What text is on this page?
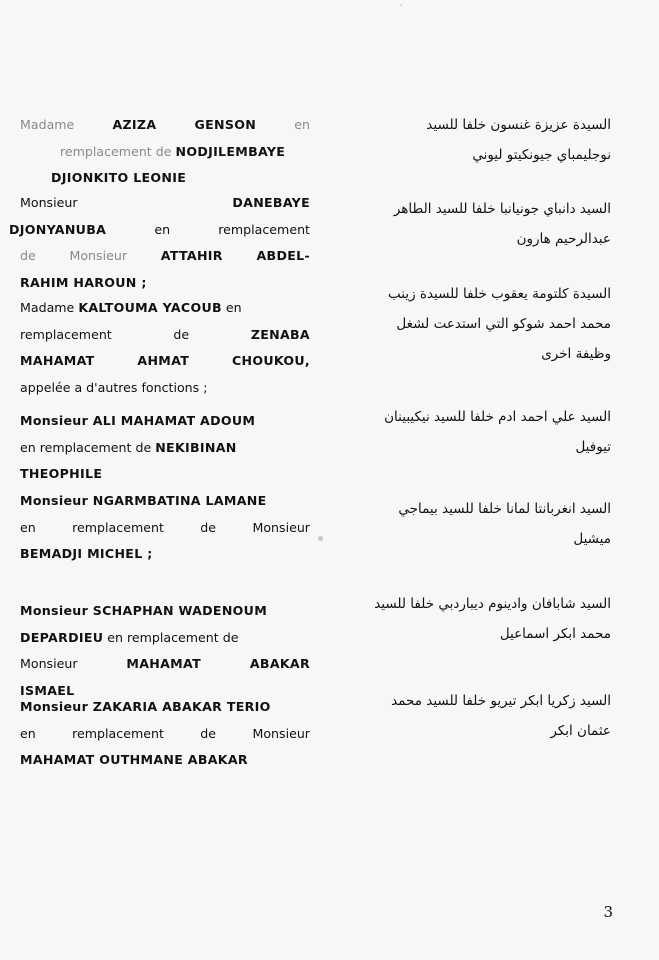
Madame	AZIZA	GENSON	en
remplacement de NODJILEMBAYE
DJIONKITO LEONIE
Monsieur	DANEBAYE
DJONYANUBA	en	remplacement
de	Monsieur	ATTAHIR	ABDEL-
RAHIM HAROUN ;
Madame KALTOUMA YACOUB en
remplacement	de	ZENABA
MAHAMAT	AHMAT	CHOUKOU,
appelée a d'autres fonctions ;
Monsieur ALI MAHAMAT ADOUM
en remplacement de NEKIBINAN
THEOPHILE
Monsieur NGARMBATINA LAMANE
en	remplacement	de	Monsieur
BEMADJI MICHEL ;
Monsieur SCHAPHAN WADENOUM
DEPARDIEU en remplacement de
Monsieur	MAHAMAT	ABAKAR
ISMAEL
Monsieur ZAKARIA ABAKAR TERIO
en	remplacement	de	Monsieur
MAHAMAT OUTHMANE ABAKAR
السيدة عزيزة غنسون خلفا للسيد
نوجليمباي جيونكيتو ليوني
السيد دانباي جونيانبا خلفا للسيد الطاهر
عبدالرحيم هارون
السيدة كلتومة يعقوب خلفا للسيدة زينب
محمد احمد شوكو التي استدعت لشغل
وظيفة اخرى
السيد علي احمد ادم خلفا للسيد نيكيبينان
تيوفيل
السيد انغربانتا لمانا خلفا للسيد بيماجي
ميشيل
السيد شابافان وادينوم ديباردبي خلفا للسيد
محمد ابكر اسماعيل
السيد زكريا ابكر تيريو خلفا للسيد محمد
عثمان ابكر
3
